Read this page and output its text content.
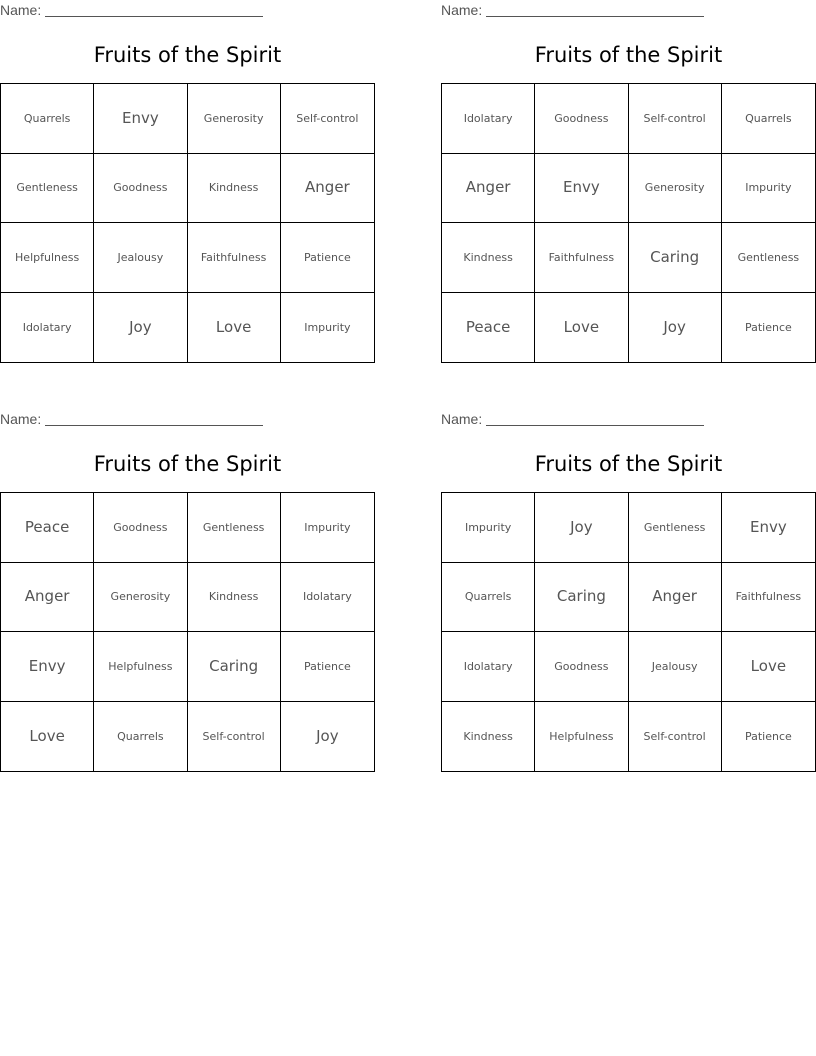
Name:
Fruits of the Spirit
Quarrels	Envy	Generosity	Self-control
Gentleness	Goodness	Kindness	Anger
Helpfulness	Jealousy	Faithfulness	Patience
Idolatary	Joy	Love	Impurity
Name:
Fruits of the Spirit
Idolatary	Goodness	Self-control	Quarrels
Anger	Envy	Generosity	Impurity
Kindness	Faithfulness	Caring	Gentleness
Peace	Love	Joy	Patience
Name:
Fruits of the Spirit
Peace	Goodness	Gentleness	Impurity
Anger	Generosity	Kindness	Idolatary
Envy	Helpfulness	Caring	Patience
Love	Quarrels	Self-control	Joy
Name:
Fruits of the Spirit
Impurity	Joy	Gentleness	Envy
Quarrels	Caring	Anger	Faithfulness
Idolatary	Goodness	Jealousy	Love
Kindness	Helpfulness	Self-control	Patience
